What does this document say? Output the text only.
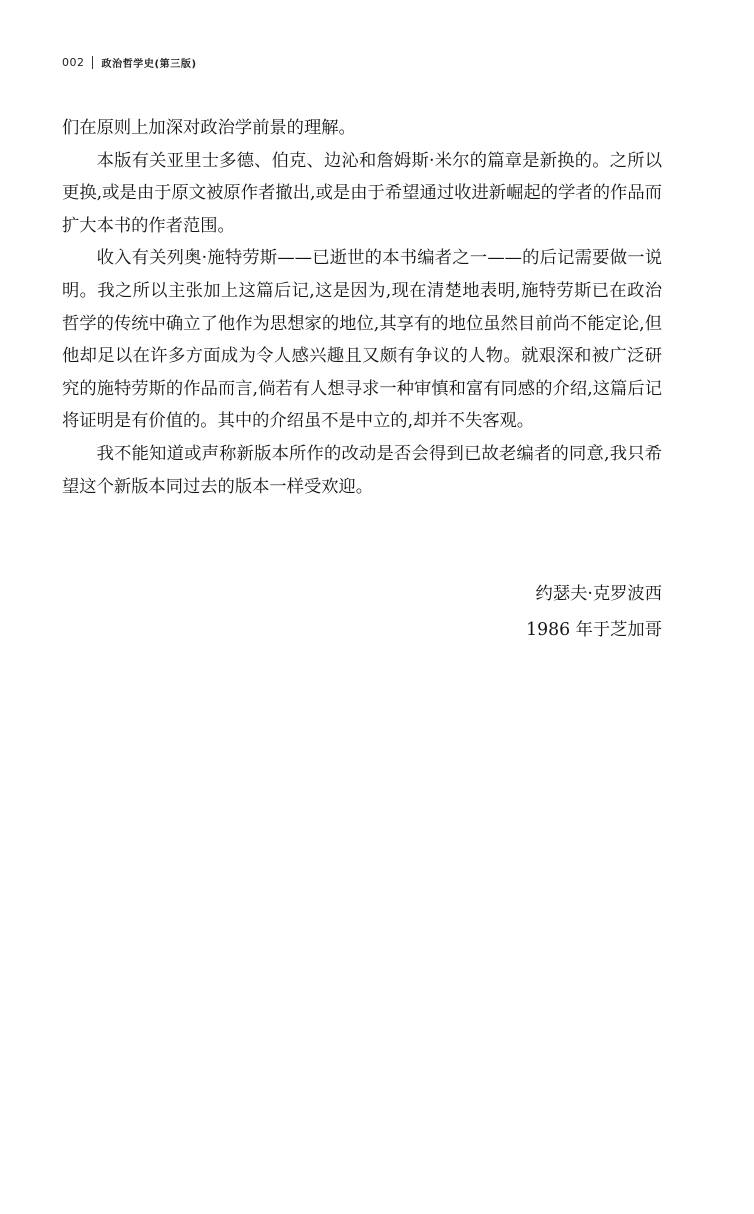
002 政治哲学史(第三版)

们在原则上加深对政治学前景的理解。

本版有关亚里士多德、伯克、边沁和詹姆斯·米尔的篇章是新换的。之所以更换,或是由于原文被原作者撤出,或是由于希望通过收进新崛起的学者的作品而扩大本书的作者范围。

收入有关列奥·施特劳斯——已逝世的本书编者之一——的后记需要做一说明。我之所以主张加上这篇后记,这是因为,现在清楚地表明,施特劳斯已在政治哲学的传统中确立了他作为思想家的地位,其享有的地位虽然目前尚不能定论,但他却足以在许多方面成为令人感兴趣且又颇有争议的人物。就艰深和被广泛研究的施特劳斯的作品而言,倘若有人想寻求一种审慎和富有同感的介绍,这篇后记将证明是有价值的。其中的介绍虽不是中立的,却并不失客观。

我不能知道或声称新版本所作的改动是否会得到已故老编者的同意,我只希望这个新版本同过去的版本一样受欢迎。

约瑟夫·克罗波西
1986 年于芝加哥
